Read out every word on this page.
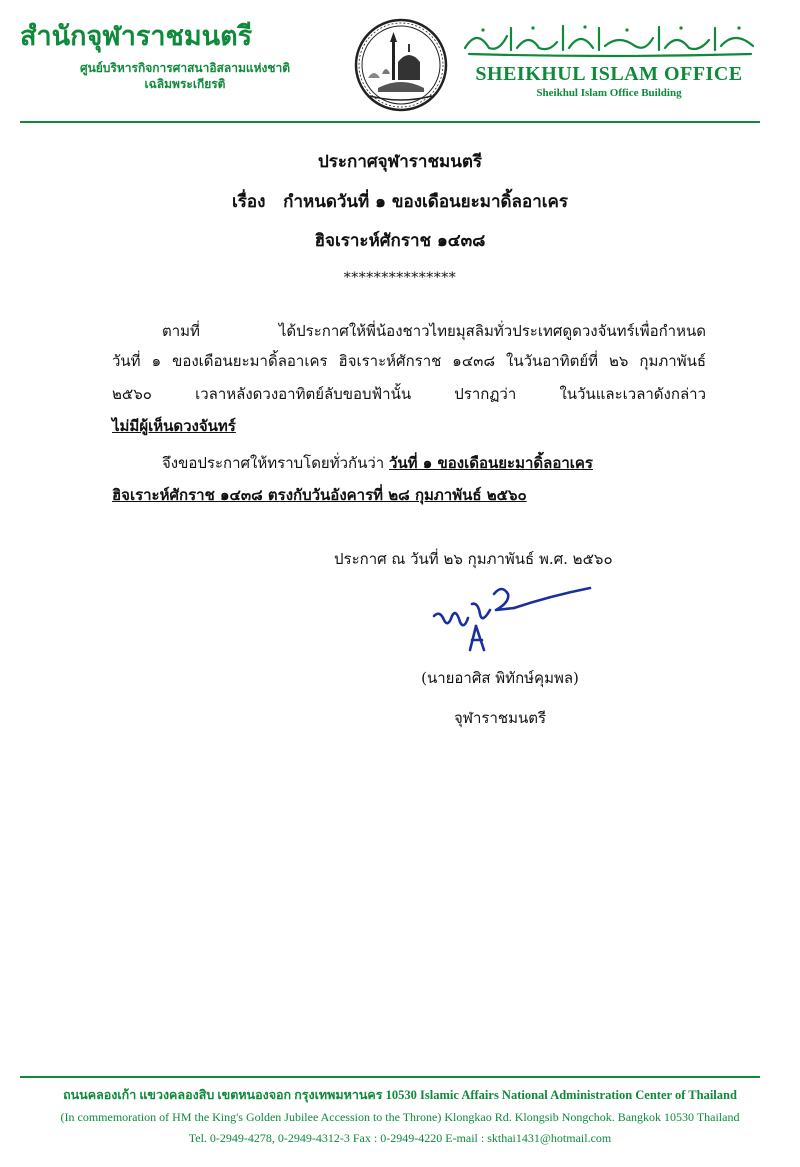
สำนักจุฬาราชมนตรี
ศูนย์บริหารกิจการศาสนาอิสลามแห่งชาติ
เฉลิมพระเกียรติ	SHEIKHUL ISLAM OFFICE
Sheikhul Islam Office Building
ประกาศจุฬาราชมนตรี
เรื่อง กำหนดวันที่ ๑ ของเดือนยะมาดิ้ลอาเคร
ฮิจเราะห์ศักราช ๑๔๓๘
***************
ตามที่ ได้ประกาศให้พี่น้องชาวไทยมุสลิมทั่วประเทศดูดวงจันทร์เพื่อกำหนด
วันที่ ๑ ของเดือนยะมาดิ้ลอาเคร ฮิจเราะห์ศักราช ๑๔๓๘ ในวันอาทิตย์ที่ ๒๖ กุมภาพันธ์
๒๕๖๐ เวลาหลังดวงอาทิตย์ลับขอบฟ้านั้น ปรากฏว่า ในวันและเวลาดังกล่าว
ไม่มีผู้เห็นดวงจันทร์
จึงขอประกาศให้ทราบโดยทั่วกันว่า วันที่ ๑ ของเดือนยะมาดิ้ลอาเคร
ฮิจเราะห์ศักราช ๑๔๓๘ ตรงกับวันอังคารที่ ๒๘ กุมภาพันธ์ ๒๕๖๐
ประกาศ ณ วันที่ ๒๖ กุมภาพันธ์ พ.ศ. ๒๕๖๐
(นายอาศิส พิทักษ์คุมพล)
จุฬาราชมนตรี
ถนนคลองเก้า แขวงคลองสิบ เขตหนองจอก กรุงเทพมหานคร 10530 Islamic Affairs National Administration Center of Thailand
(In commemoration of HM the King's Golden Jubilee Accession to the Throne) Klongkao Rd. Klongsib Nongchok. Bangkok 10530 Thailand
Tel. 0-2949-4278, 0-2949-4312-3 Fax : 0-2949-4220 E-mail : skthai1431@hotmail.com
